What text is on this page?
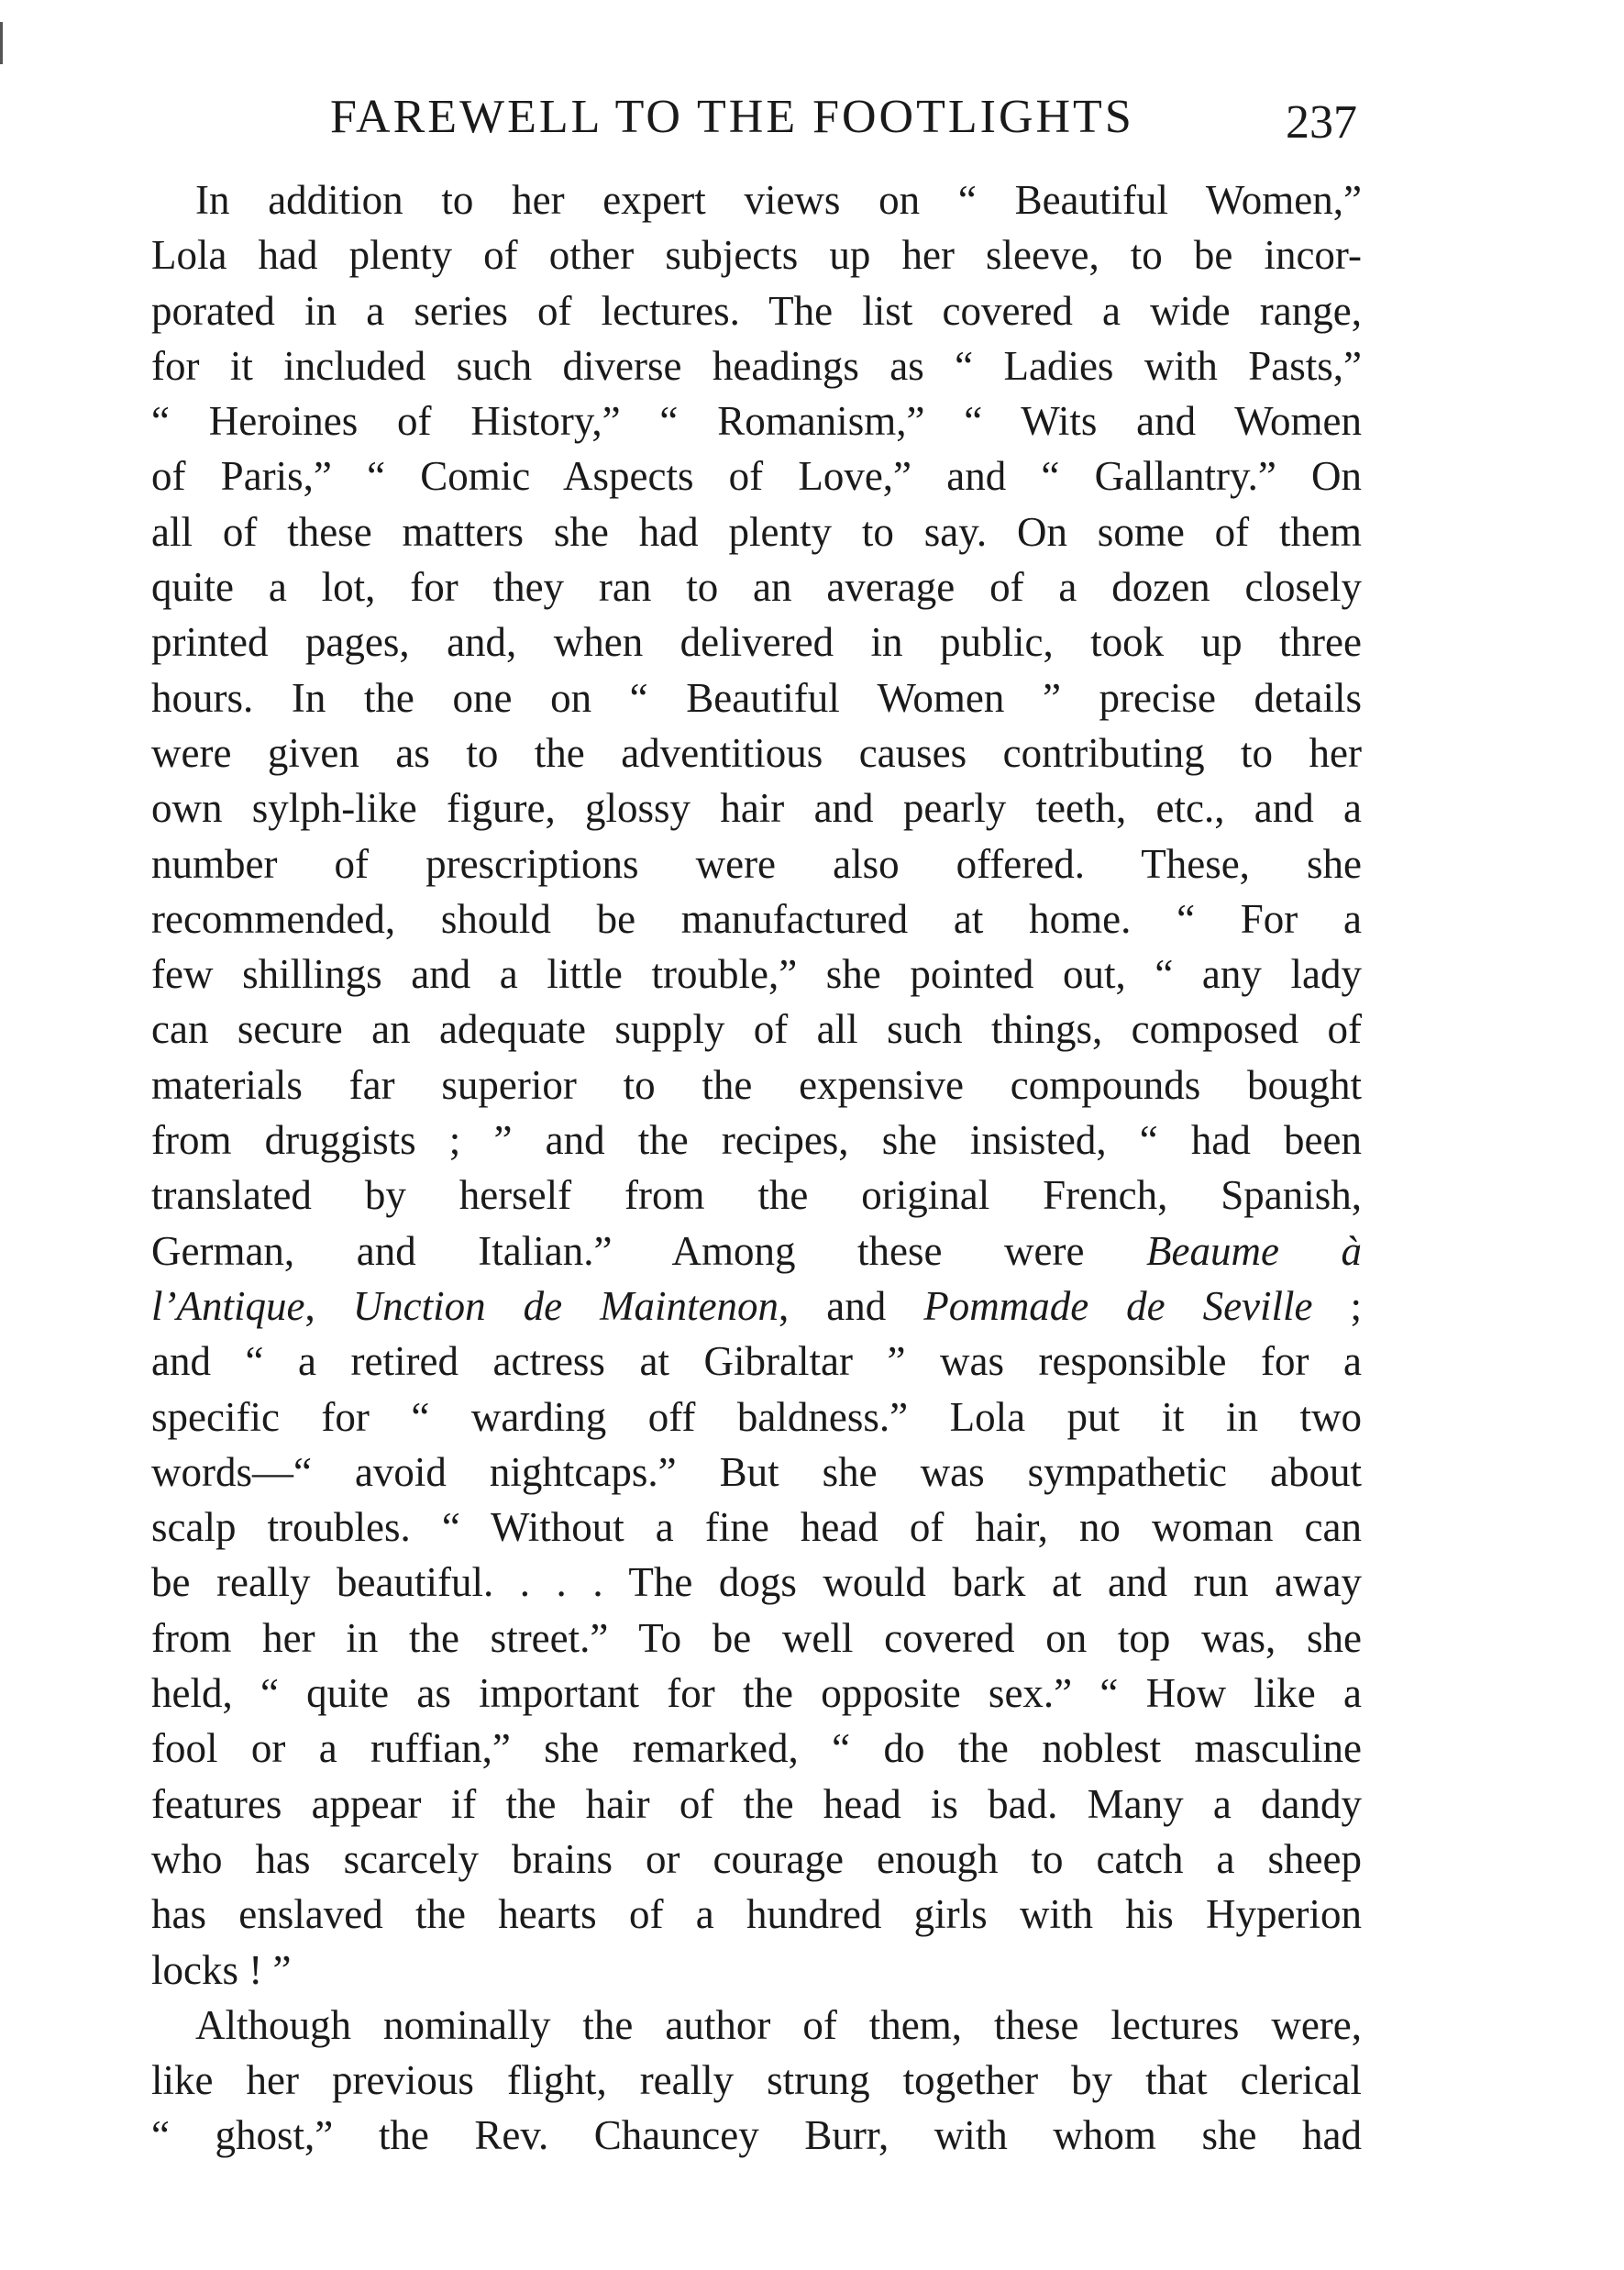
FAREWELL TO THE FOOTLIGHTS	237
In addition to her expert views on “ Beautiful Women,”
Lola had plenty of other subjects up her sleeve, to be incor-
porated in a series of lectures. The list covered a wide range,
for it included such diverse headings as “ Ladies with Pasts,”
“ Heroines of History,” “ Romanism,” “ Wits and Women
of Paris,” “ Comic Aspects of Love,” and “ Gallantry.” On
all of these matters she had plenty to say. On some of them
quite a lot, for they ran to an average of a dozen closely
printed pages, and, when delivered in public, took up three
hours. In the one on “ Beautiful Women ” precise details
were given as to the adventitious causes contributing to her
own sylph-like figure, glossy hair and pearly teeth, etc., and a
number of prescriptions were also offered. These, she
recommended, should be manufactured at home. “ For a
few shillings and a little trouble,” she pointed out, “ any lady
can secure an adequate supply of all such things, composed of
materials far superior to the expensive compounds bought
from druggists ; ” and the recipes, she insisted, “ had been
translated by herself from the original French, Spanish,
German, and Italian.” Among these were Beaume à
l’Antique, Unction de Maintenon, and Pommade de Seville ;
and “ a retired actress at Gibraltar ” was responsible for a
specific for “ warding off baldness.” Lola put it in two
words—“ avoid nightcaps.” But she was sympathetic about
scalp troubles. “ Without a fine head of hair, no woman can
be really beautiful. . . . The dogs would bark at and run away
from her in the street.” To be well covered on top was, she
held, “ quite as important for the opposite sex.” “ How like a
fool or a ruffian,” she remarked, “ do the noblest masculine
features appear if the hair of the head is bad. Many a dandy
who has scarcely brains or courage enough to catch a sheep
has enslaved the hearts of a hundred girls with his Hyperion
locks ! ”
Although nominally the author of them, these lectures were,
like her previous flight, really strung together by that clerical
“ ghost,” the Rev. Chauncey Burr, with whom she had
